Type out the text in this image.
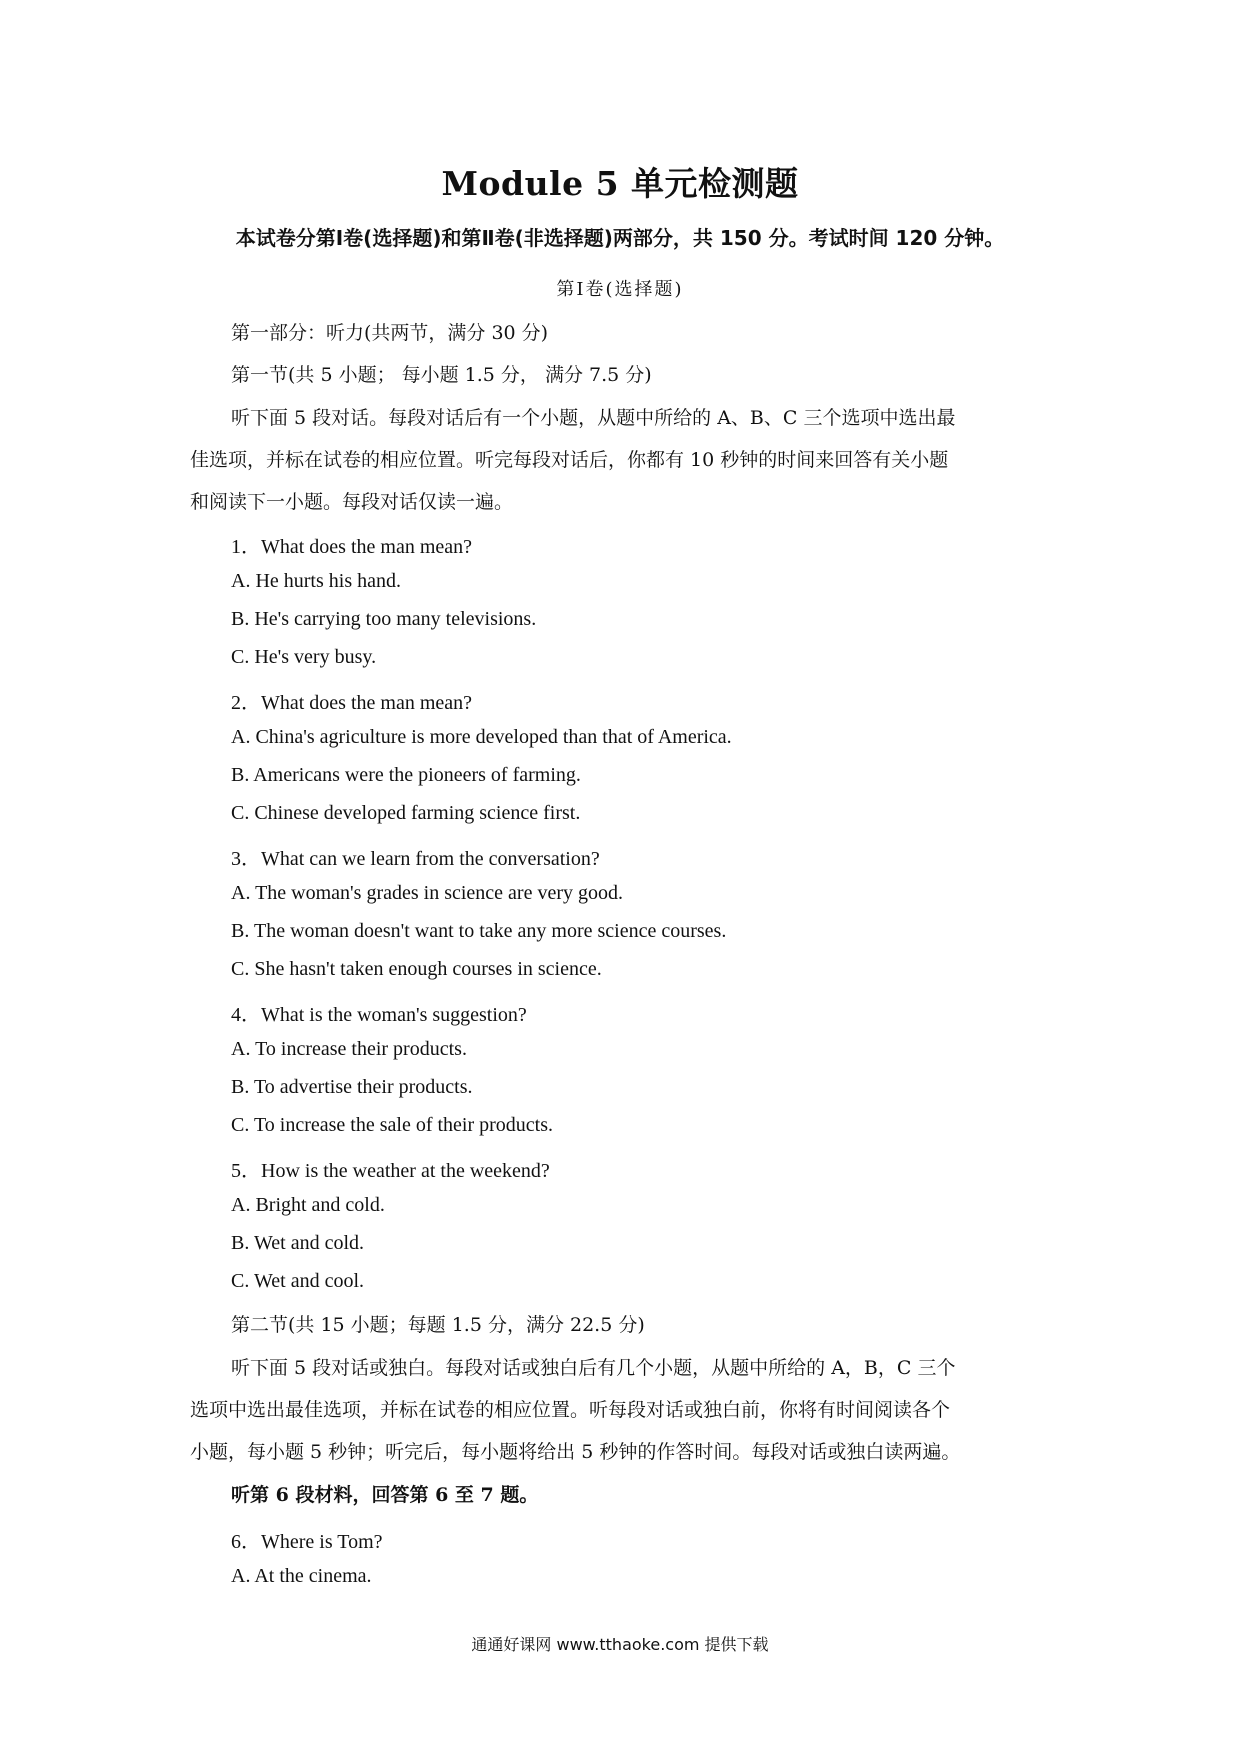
Module 5 单元检测题
本试卷分第Ⅰ卷(选择题)和第Ⅱ卷(非选择题)两部分，共 150 分。考试时间 120 分钟。
第Ⅰ卷(选择题)
第一部分：听力(共两节，满分 30 分)
第一节(共 5 小题； 每小题 1.5 分， 满分 7.5 分)
听下面 5 段对话。每段对话后有一个小题，从题中所给的 A、B、C 三个选项中选出最
佳选项，并标在试卷的相应位置。听完每段对话后，你都有 10 秒钟的时间来回答有关小题
和阅读下一小题。每段对话仅读一遍。
1．What does the man mean?
A. He hurts his hand.
B. He's carrying too many televisions.
C. He's very busy.
2．What does the man mean?
A. China's agriculture is more developed than that of America.
B. Americans were the pioneers of farming.
C. Chinese developed farming science first.
3．What can we learn from the conversation?
A. The woman's grades in science are very good.
B. The woman doesn't want to take any more science courses.
C. She hasn't taken enough courses in science.
4．What is the woman's suggestion?
A. To increase their products.
B. To advertise their products.
C. To increase the sale of their products.
5．How is the weather at the weekend?
A. Bright and cold.
B. Wet and cold.
C. Wet and cool.
第二节(共 15 小题；每题 1.5 分，满分 22.5 分)
听下面 5 段对话或独白。每段对话或独白后有几个小题，从题中所给的 A，B，C 三个
选项中选出最佳选项，并标在试卷的相应位置。听每段对话或独白前，你将有时间阅读各个
小题，每小题 5 秒钟；听完后，每小题将给出 5 秒钟的作答时间。每段对话或独白读两遍。
听第 6 段材料，回答第 6 至 7 题。
6．Where is Tom?
A. At the cinema.
通通好课网 www.tthaoke.com 提供下载
